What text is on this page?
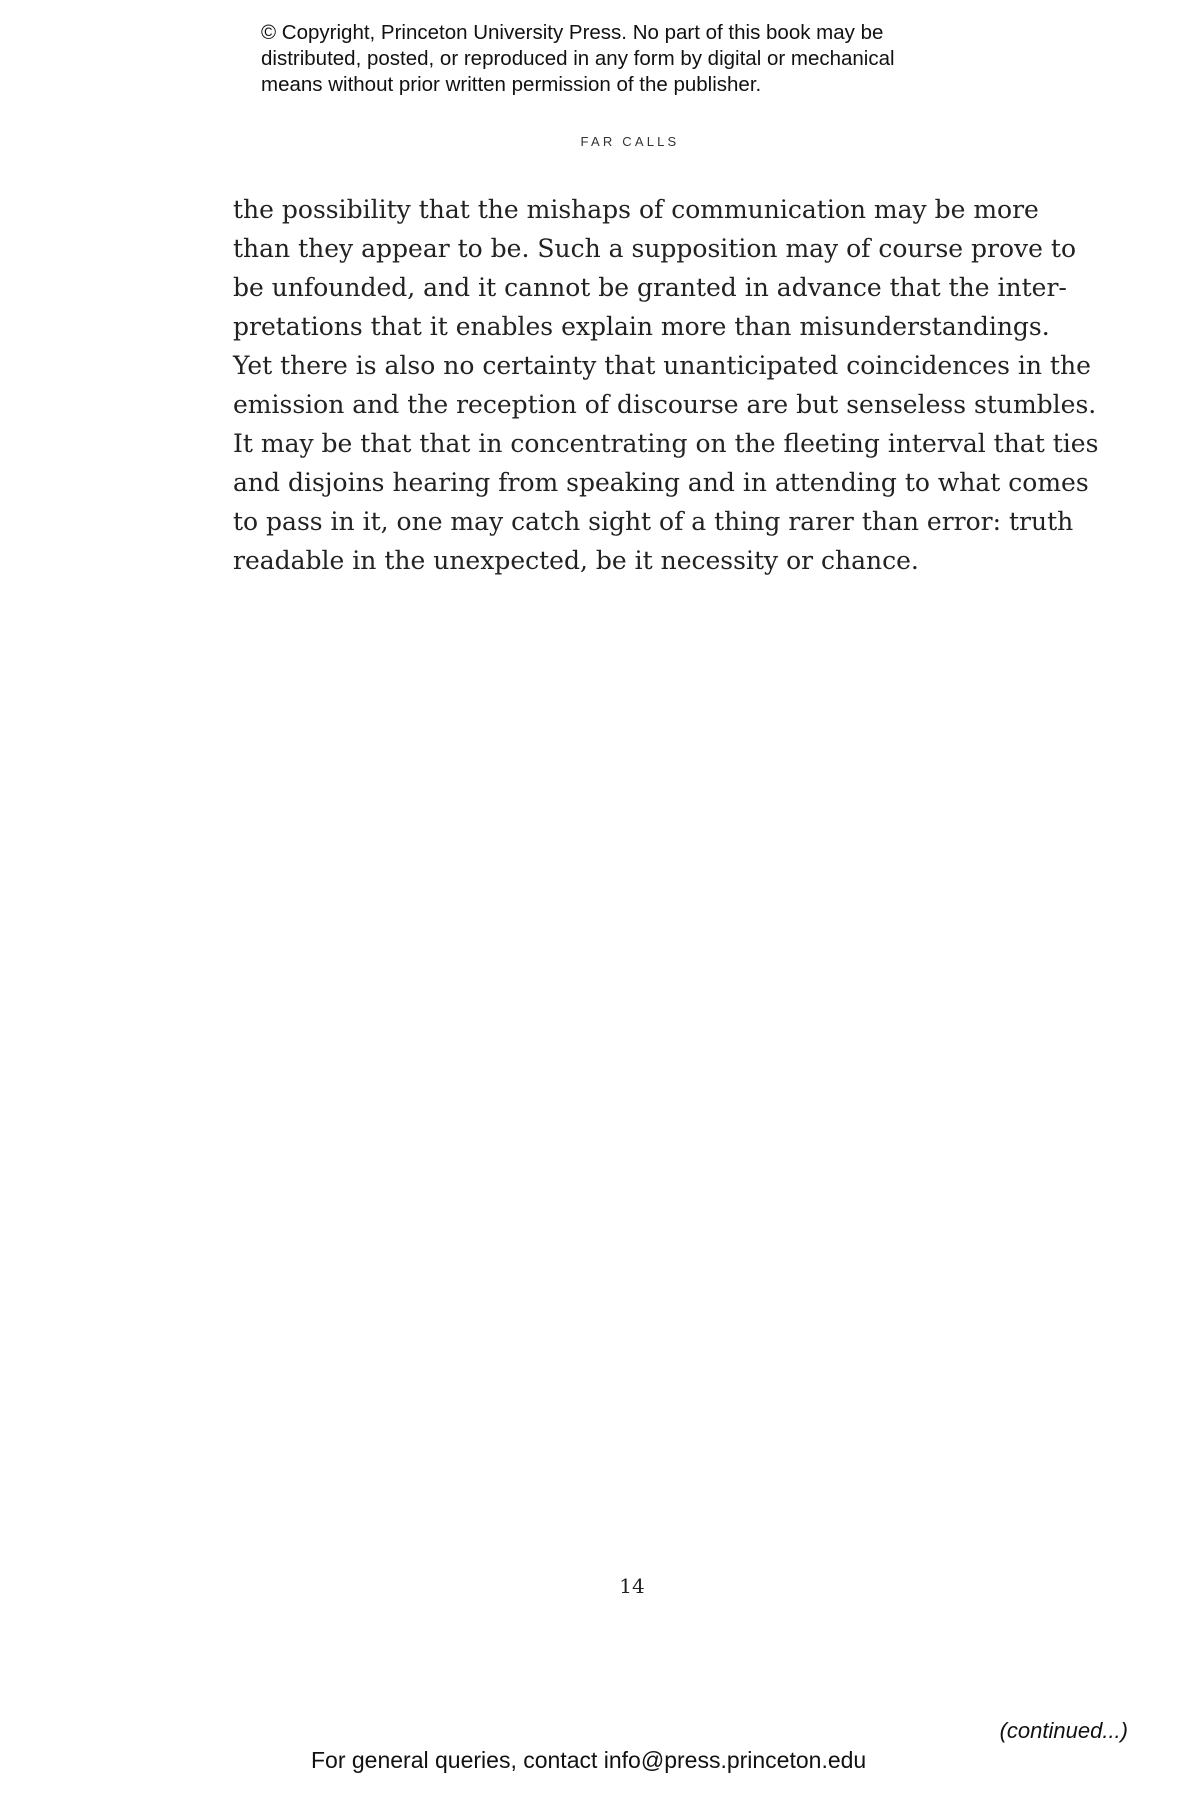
© Copyright, Princeton University Press. No part of this book may be
distributed, posted, or reproduced in any form by digital or mechanical
means without prior written permission of the publisher.
FAR CALLS
the possibility that the mishaps of communication may be more
than they appear to be. Such a supposition may of course prove to
be unfounded, and it cannot be granted in advance that the inter-
pretations that it enables explain more than misunderstandings.
Yet there is also no certainty that unanticipated coincidences in the
emission and the reception of discourse are but senseless stumbles.
It may be that that in concentrating on the fleeting interval that ties
and disjoins hearing from speaking and in attending to what comes
to pass in it, one may catch sight of a thing rarer than error: truth
readable in the unexpected, be it necessity or chance.
14
(continued...)
For general queries, contact info@press.princeton.edu
